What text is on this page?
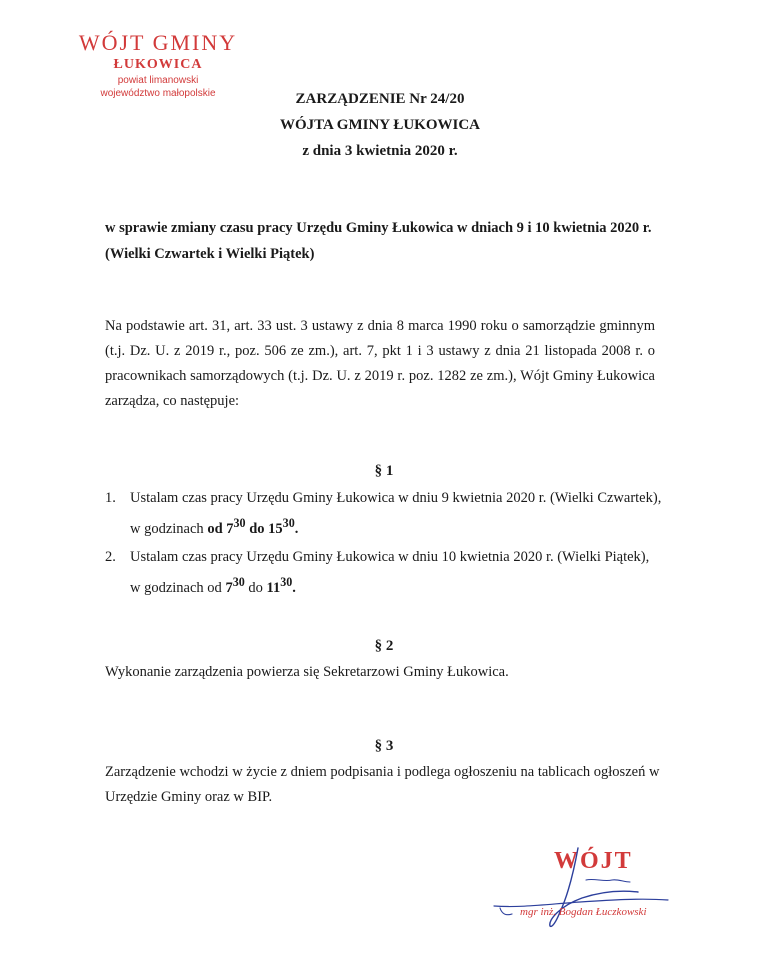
WÓJT GMINY
ŁUKOWICA
powiat limanowski
województwo małopolskie	ZARZĄDZENIE Nr 24/20
WÓJTA GMINY ŁUKOWICA
z dnia 3 kwietnia 2020 r.
w sprawie zmiany czasu pracy Urzędu Gminy Łukowica w dniach 9 i 10 kwietnia 2020 r.
(Wielki Czwartek i Wielki Piątek)
Na podstawie art. 31, art. 33 ust. 3 ustawy z dnia 8 marca 1990 roku o samorządzie gminnym (t.j. Dz. U. z 2019 r., poz. 506 ze zm.), art. 7, pkt 1 i 3 ustawy z dnia 21 listopada 2008 r. o pracownikach samorządowych (t.j. Dz. U. z 2019 r. poz. 1282 ze zm.), Wójt Gminy Łukowica zarządza, co następuje:
§ 1
1. Ustalam czas pracy Urzędu Gminy Łukowica w dniu 9 kwietnia 2020 r. (Wielki Czwartek),
w godzinach od $7^{30}$ do $15^{30}$.
2. Ustalam czas pracy Urzędu Gminy Łukowica w dniu 10 kwietnia 2020 r. (Wielki Piątek),
w godzinach od $7^{30}$ do $11^{30}$.
§ 2
Wykonanie zarządzenia powierza się Sekretarzowi Gminy Łukowica.
§ 3
Zarządzenie wchodzi w życie z dniem podpisania i podlega ogłoszeniu na tablicach ogłoszeń w Urzędzie Gminy oraz w BIP.
WÓJT
mgr inż. Bogdan Łuczkowski
